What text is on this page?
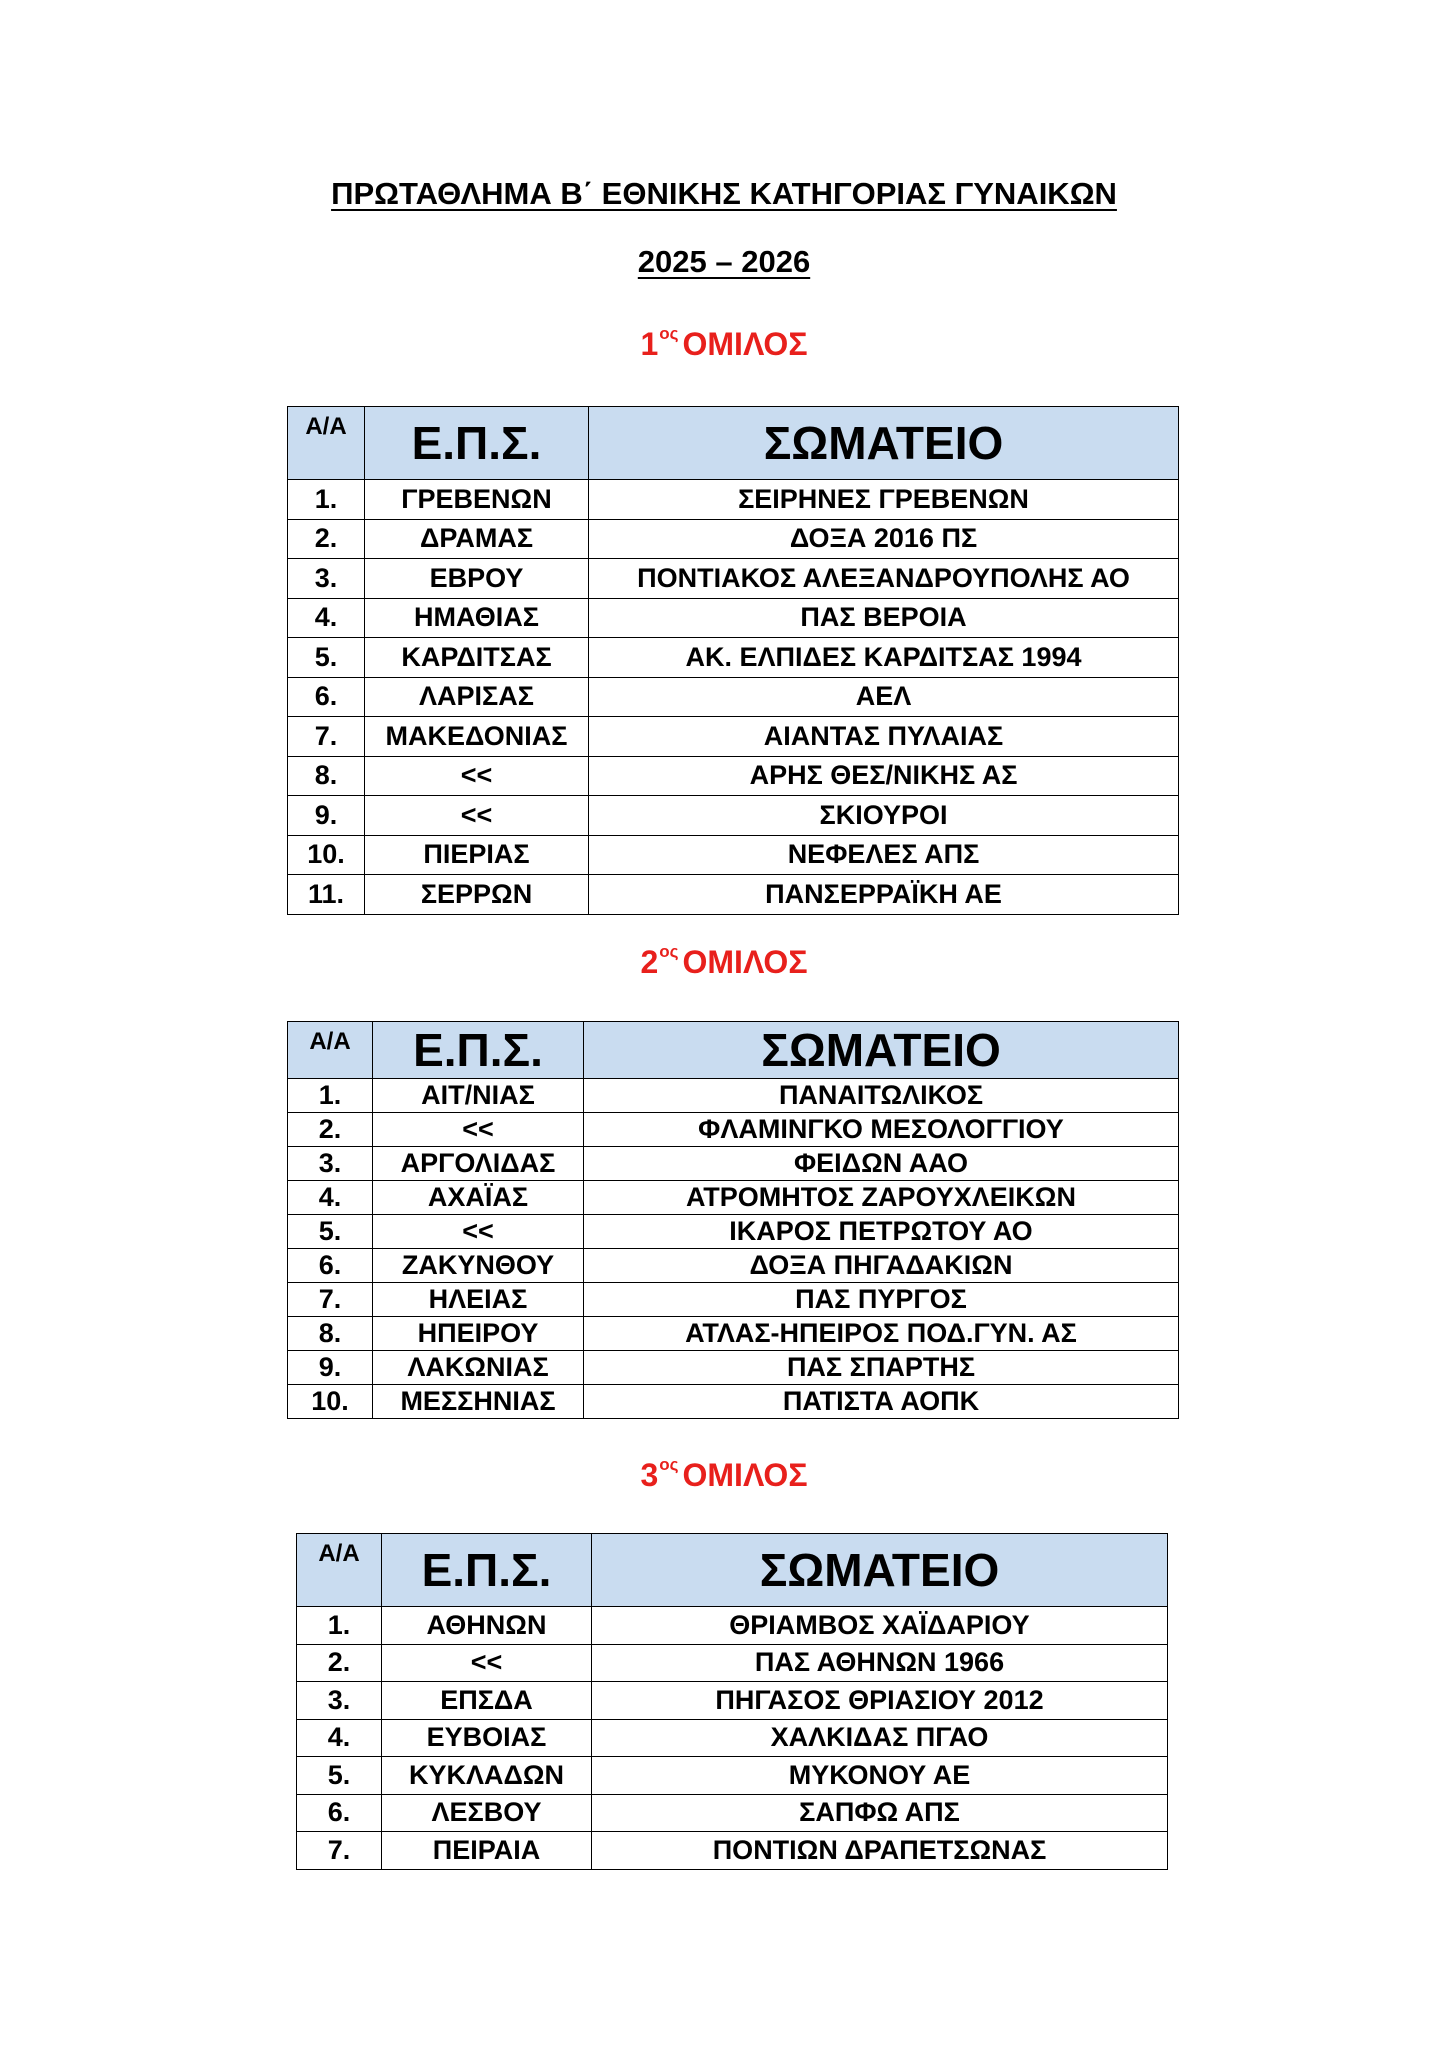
ΠΡΩΤΑΘΛΗΜΑ Β΄ ΕΘΝΙΚΗΣ ΚΑΤΗΓΟΡΙΑΣ ΓΥΝΑΙΚΩΝ
2025 – 2026
$1^{o\varsigma}$ ΟΜΙΛΟΣ
Α/Α	Ε.Π.Σ.	ΣΩΜΑΤΕΙΟ
1.	ΓΡΕΒΕΝΩΝ	ΣΕΙΡΗΝΕΣ ΓΡΕΒΕΝΩΝ
2.	ΔΡΑΜΑΣ	ΔΟΞΑ 2016 ΠΣ
3.	ΕΒΡΟΥ	ΠΟΝΤΙΑΚΟΣ ΑΛΕΞΑΝΔΡΟΥΠΟΛΗΣ ΑΟ
4.	ΗΜΑΘΙΑΣ	ΠΑΣ ΒΕΡΟΙΑ
5.	ΚΑΡΔΙΤΣΑΣ	ΑΚ. ΕΛΠΙΔΕΣ ΚΑΡΔΙΤΣΑΣ 1994
6.	ΛΑΡΙΣΑΣ	ΑΕΛ
7.	ΜΑΚΕΔΟΝΙΑΣ	ΑΙΑΝΤΑΣ ΠΥΛΑΙΑΣ
8.	<<	ΑΡΗΣ ΘΕΣ/ΝΙΚΗΣ ΑΣ
9.	<<	ΣΚΙΟΥΡΟΙ
10.	ΠΙΕΡΙΑΣ	ΝΕΦΕΛΕΣ ΑΠΣ
11.	ΣΕΡΡΩΝ	ΠΑΝΣΕΡΡΑΪΚΗ ΑΕ
$2^{o\varsigma}$ ΟΜΙΛΟΣ
Α/Α	Ε.Π.Σ.	ΣΩΜΑΤΕΙΟ
1.	ΑΙΤ/ΝΙΑΣ	ΠΑΝΑΙΤΩΛΙΚΟΣ
2.	<<	ΦΛΑΜΙΝΓΚΟ ΜΕΣΟΛΟΓΓΙΟΥ
3.	ΑΡΓΟΛΙΔΑΣ	ΦΕΙΔΩΝ ΑΑΟ
4.	ΑΧΑΪΑΣ	ΑΤΡΟΜΗΤΟΣ ΖΑΡΟΥΧΛΕΙΚΩΝ
5.	<<	ΙΚΑΡΟΣ ΠΕΤΡΩΤΟΥ ΑΟ
6.	ΖΑΚΥΝΘΟΥ	ΔΟΞΑ ΠΗΓΑΔΑΚΙΩΝ
7.	ΗΛΕΙΑΣ	ΠΑΣ ΠΥΡΓΟΣ
8.	ΗΠΕΙΡΟΥ	ΑΤΛΑΣ-ΗΠΕΙΡΟΣ ΠΟΔ.ΓΥΝ. ΑΣ
9.	ΛΑΚΩΝΙΑΣ	ΠΑΣ ΣΠΑΡΤΗΣ
10.	ΜΕΣΣΗΝΙΑΣ	ΠΑΤΙΣΤΑ ΑΟΠΚ
$3^{o\varsigma}$ ΟΜΙΛΟΣ
Α/Α	Ε.Π.Σ.	ΣΩΜΑΤΕΙΟ
1.	ΑΘΗΝΩΝ	ΘΡΙΑΜΒΟΣ ΧΑΪΔΑΡΙΟΥ
2.	<<	ΠΑΣ ΑΘΗΝΩΝ 1966
3.	ΕΠΣΔΑ	ΠΗΓΑΣΟΣ ΘΡΙΑΣΙΟΥ 2012
4.	ΕΥΒΟΙΑΣ	ΧΑΛΚΙΔΑΣ ΠΓΑΟ
5.	ΚΥΚΛΑΔΩΝ	ΜΥΚΟΝΟΥ ΑΕ
6.	ΛΕΣΒΟΥ	ΣΑΠΦΩ ΑΠΣ
7.	ΠΕΙΡΑΙΑ	ΠΟΝΤΙΩΝ ΔΡΑΠΕΤΣΩΝΑΣ
